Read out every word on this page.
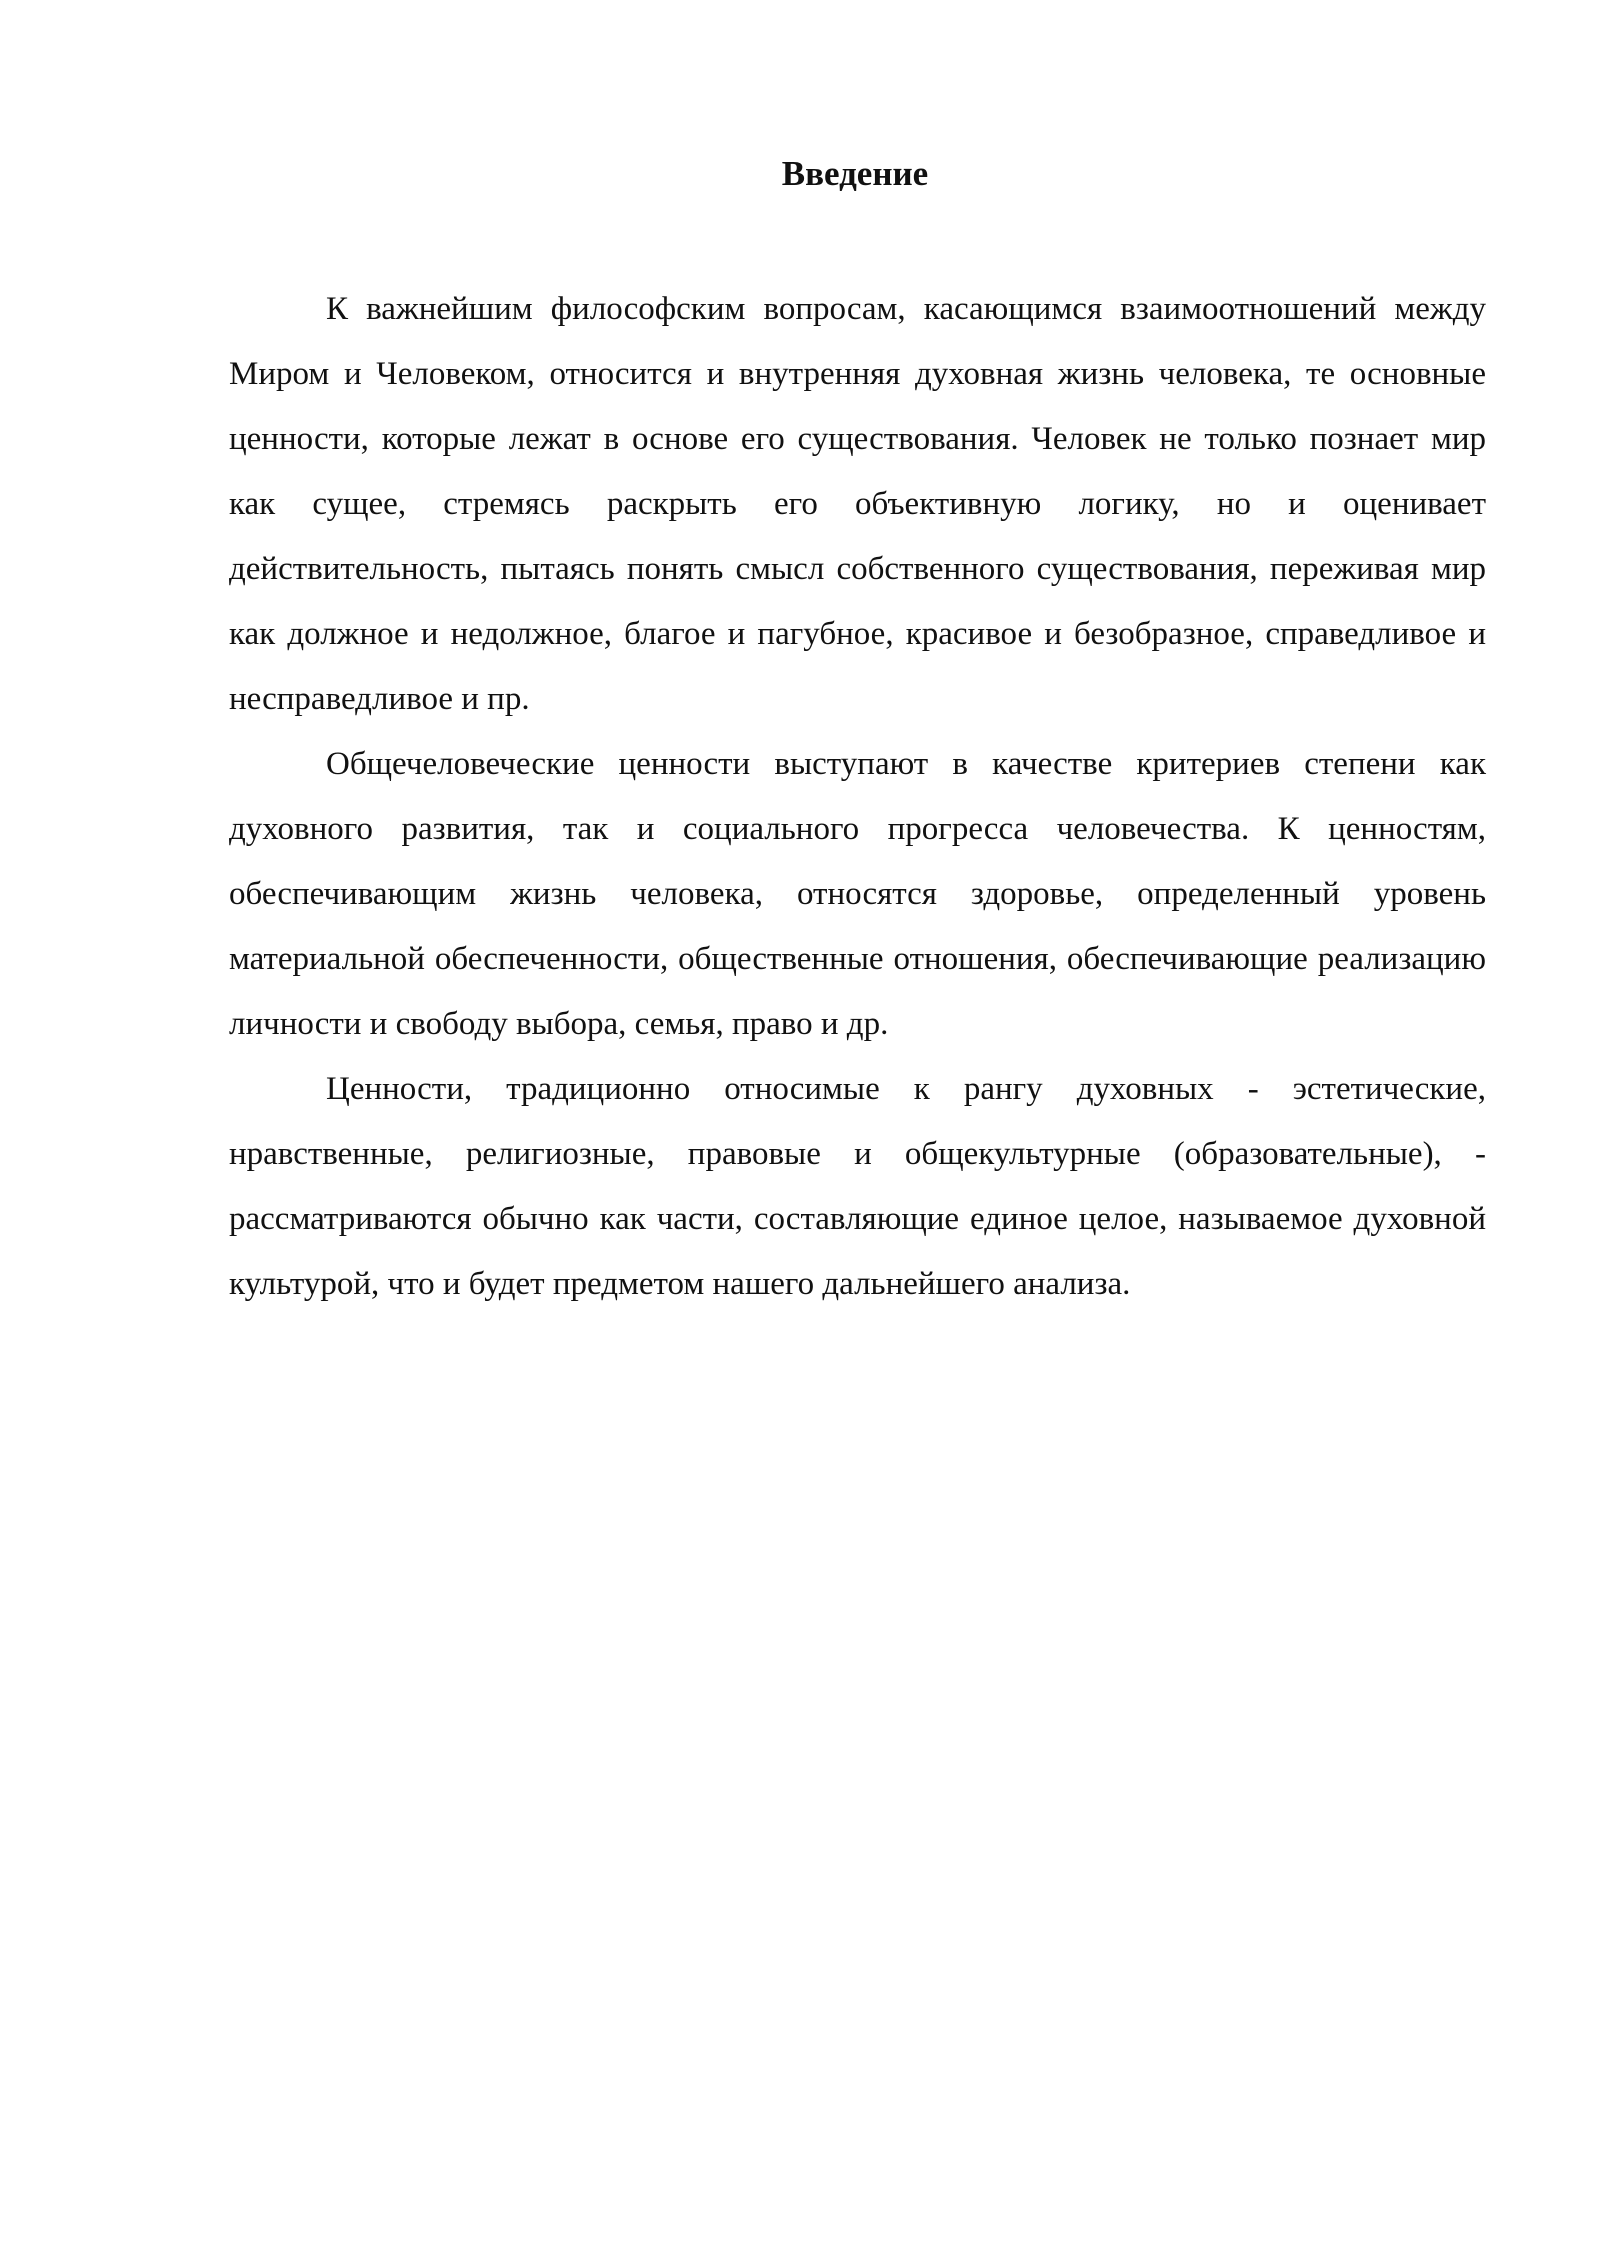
Введение

К важнейшим философским вопросам, касающимся взаимоотношений между Миром и Человеком, относится и внутренняя духовная жизнь человека, те основные ценности, которые лежат в основе его существования. Человек не только познает мир как сущее, стремясь раскрыть его объективную логику, но и оценивает действительность, пытаясь понять смысл собственного существования, переживая мир как должное и недолжное, благое и пагубное, красивое и безобразное, справедливое и несправедливое и пр.

Общечеловеческие ценности выступают в качестве критериев степени как духовного развития, так и социального прогресса человечества. К ценностям, обеспечивающим жизнь человека, относятся здоровье, определенный уровень материальной обеспеченности, общественные отношения, обеспечивающие реализацию личности и свободу выбора, семья, право и др.

Ценности, традиционно относимые к рангу духовных - эстетические, нравственные, религиозные, правовые и общекультурные (образовательные), - рассматриваются обычно как части, составляющие единое целое, называемое духовной культурой, что и будет предметом нашего дальнейшего анализа.
